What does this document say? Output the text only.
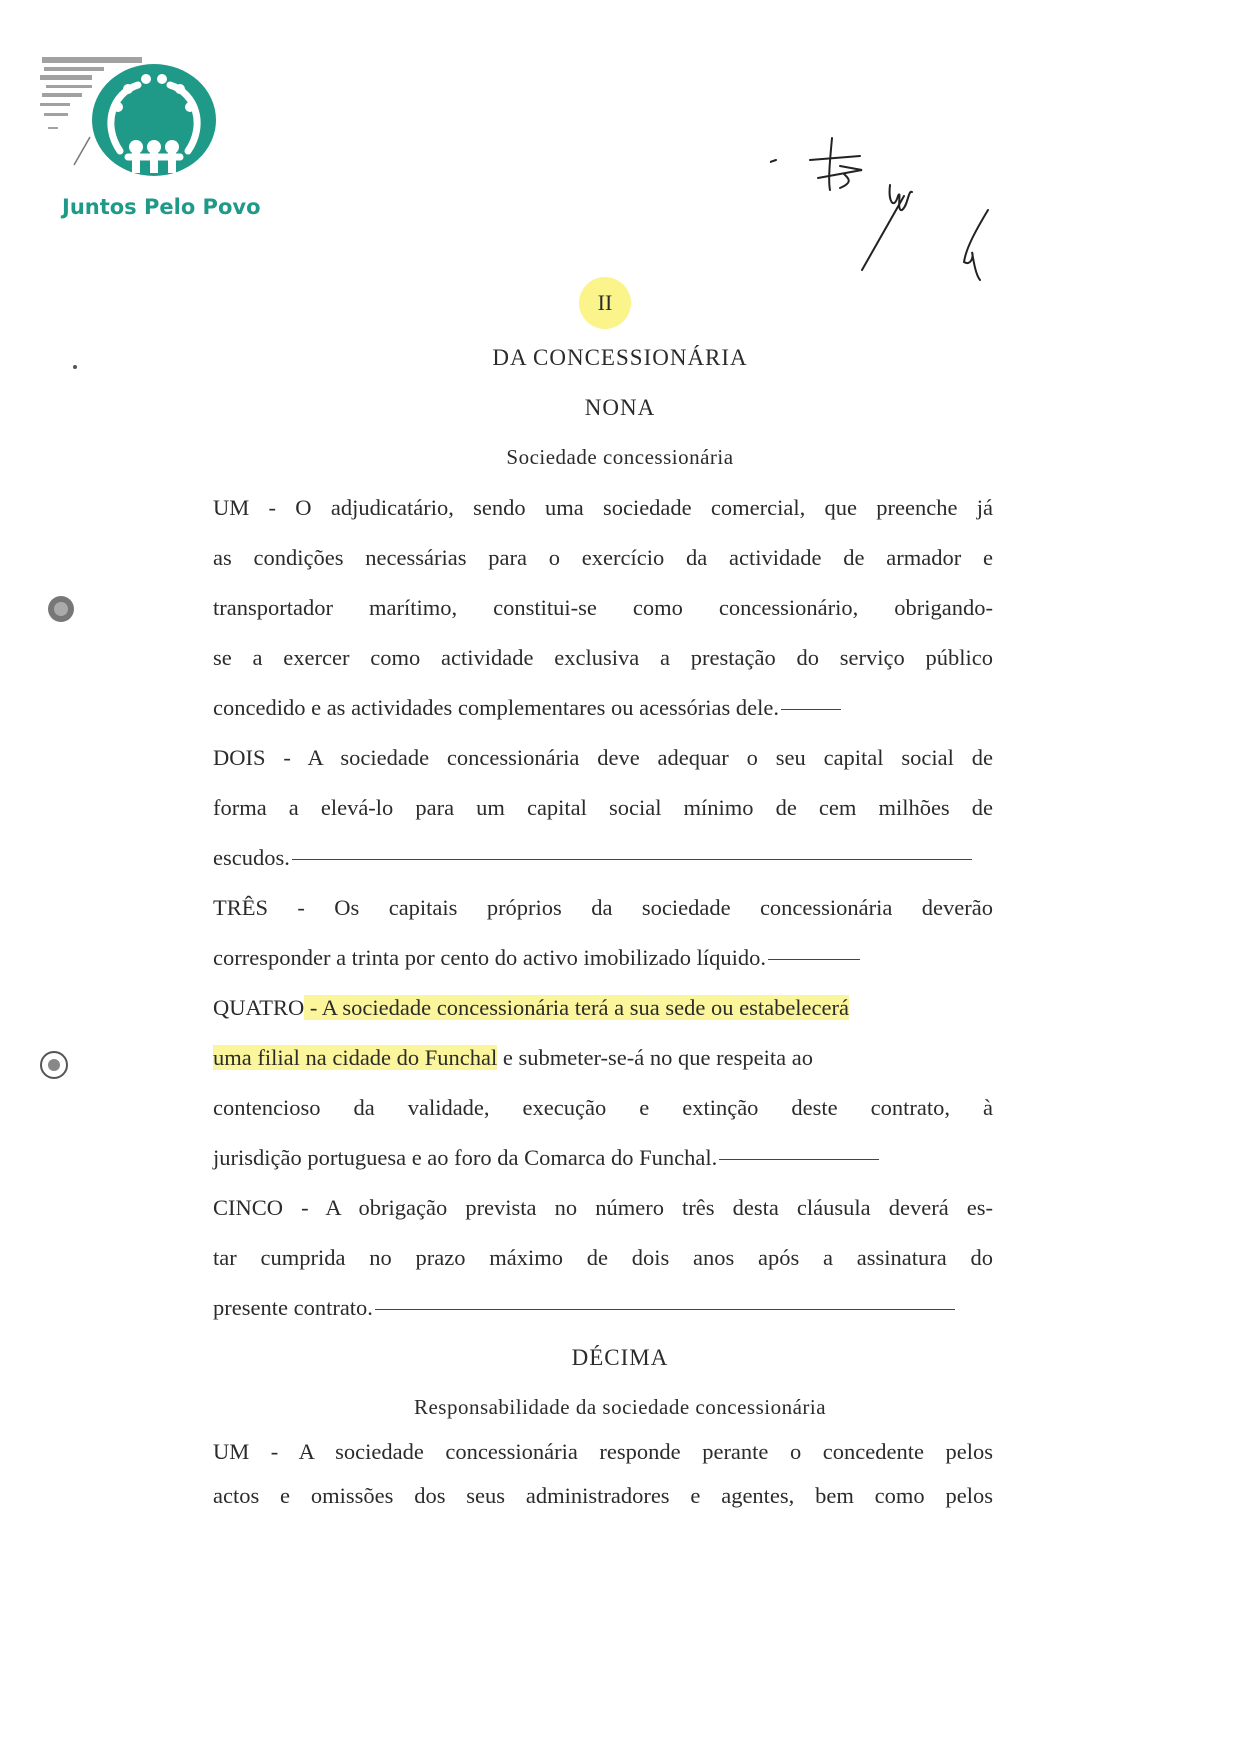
Juntos Pelo Povo
II
DA CONCESSIONÁRIA
NONA
Sociedade concessionária
UM - O adjudicatário, sendo uma sociedade comercial, que preenche já
as condições necessárias para o exercício da actividade de armador e
transportador marítimo, constitui-se como concessionário, obrigando-
se a exercer como actividade exclusiva a prestação do serviço público
concedido e as actividades complementares ou acessórias dele.
DOIS - A sociedade concessionária deve adequar o seu capital social de
forma a elevá-lo para um capital social mínimo de cem milhões de
escudos.
TRÊS - Os capitais próprios da sociedade concessionária deverão
corresponder a trinta por cento do activo imobilizado líquido.
QUATRO - A sociedade concessionária terá a sua sede ou estabelecerá
uma filial na cidade do Funchal e submeter-se-á no que respeita ao
contencioso da validade, execução e extinção deste contrato, à
jurisdição portuguesa e ao foro da Comarca do Funchal.
CINCO - A obrigação prevista no número três desta cláusula deverá es-
tar cumprida no prazo máximo de dois anos após a assinatura do
presente contrato.
DÉCIMA
Responsabilidade da sociedade concessionária
UM - A sociedade concessionária responde perante o concedente pelos
actos e omissões dos seus administradores e agentes, bem como pelos
